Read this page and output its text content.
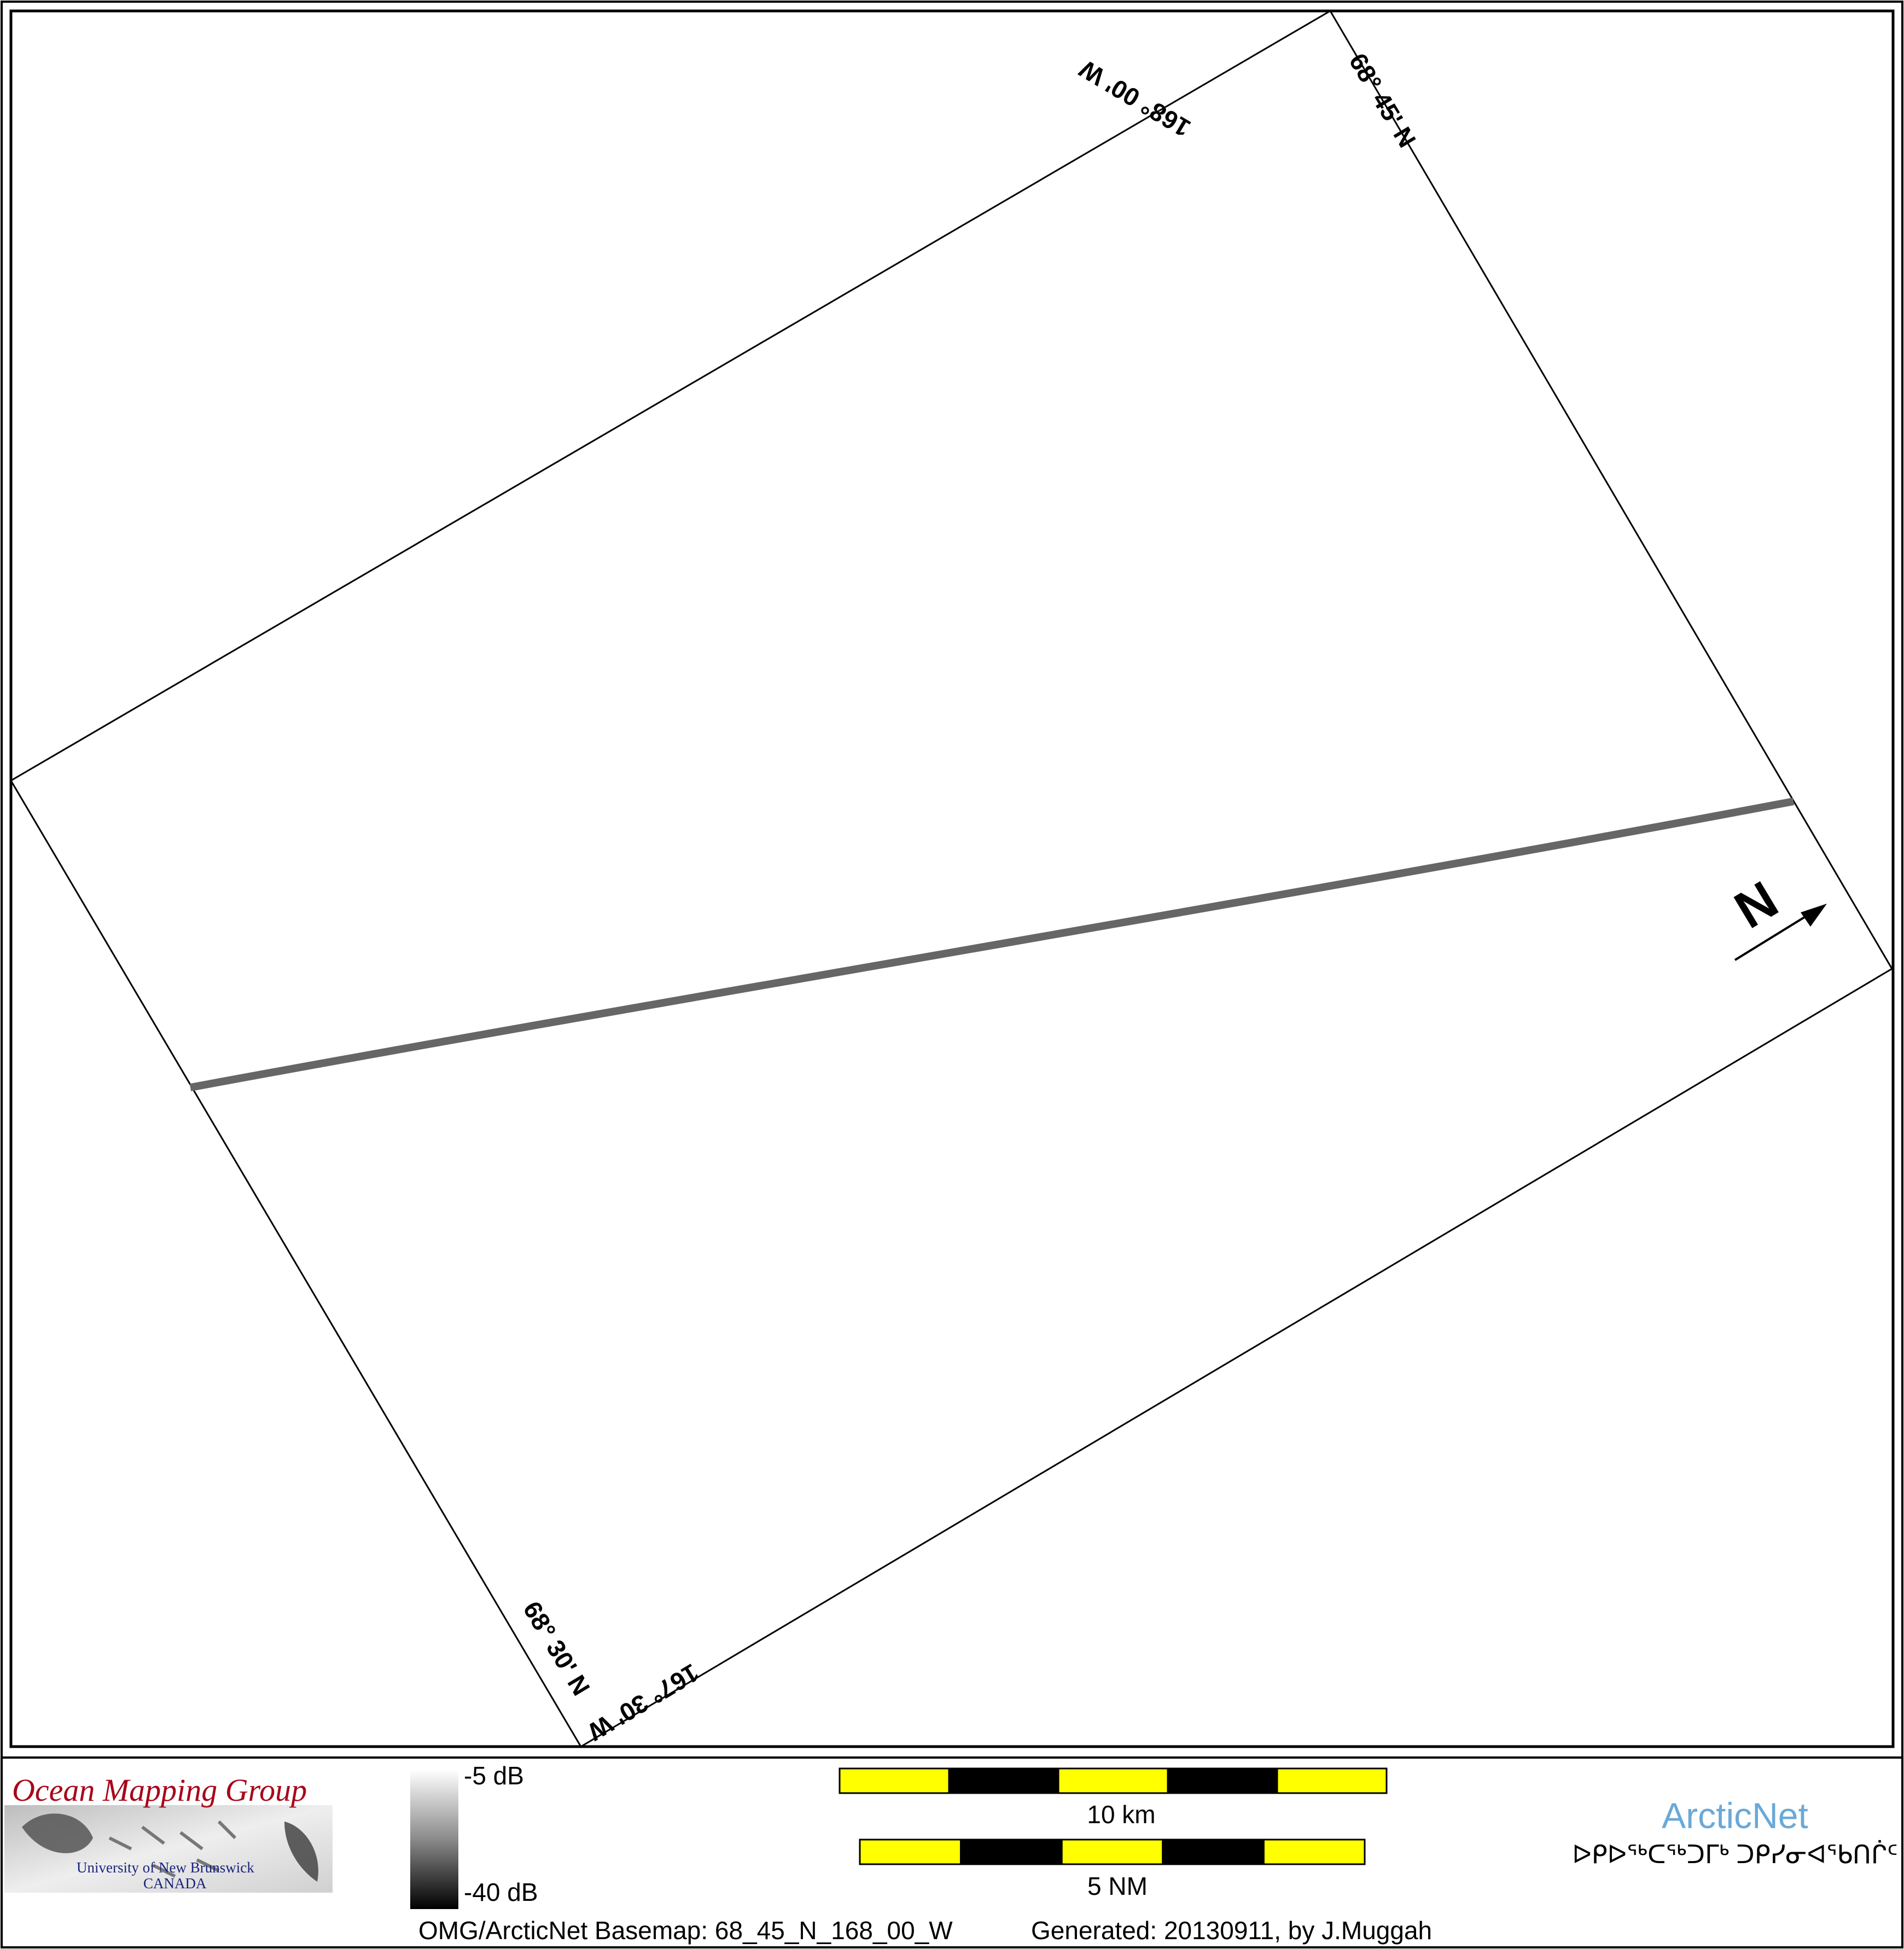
168° 00' W	68° 45' N
68° 30' N
167° 30' W
N
Ocean Mapping Group
University of New Brunswick
CANADA
-5 dB
-40 dB
10 km
5 NM
ArcticNet
ᐅᑭᐅᖅᑕᖅᑐᒥᒃ ᑐᑭᓯᓂᐊᖃᑎᒌᑦ
OMG/ArcticNet Basemap: 68_45_N_168_00_W	Generated: 20130911, by J.Muggah
